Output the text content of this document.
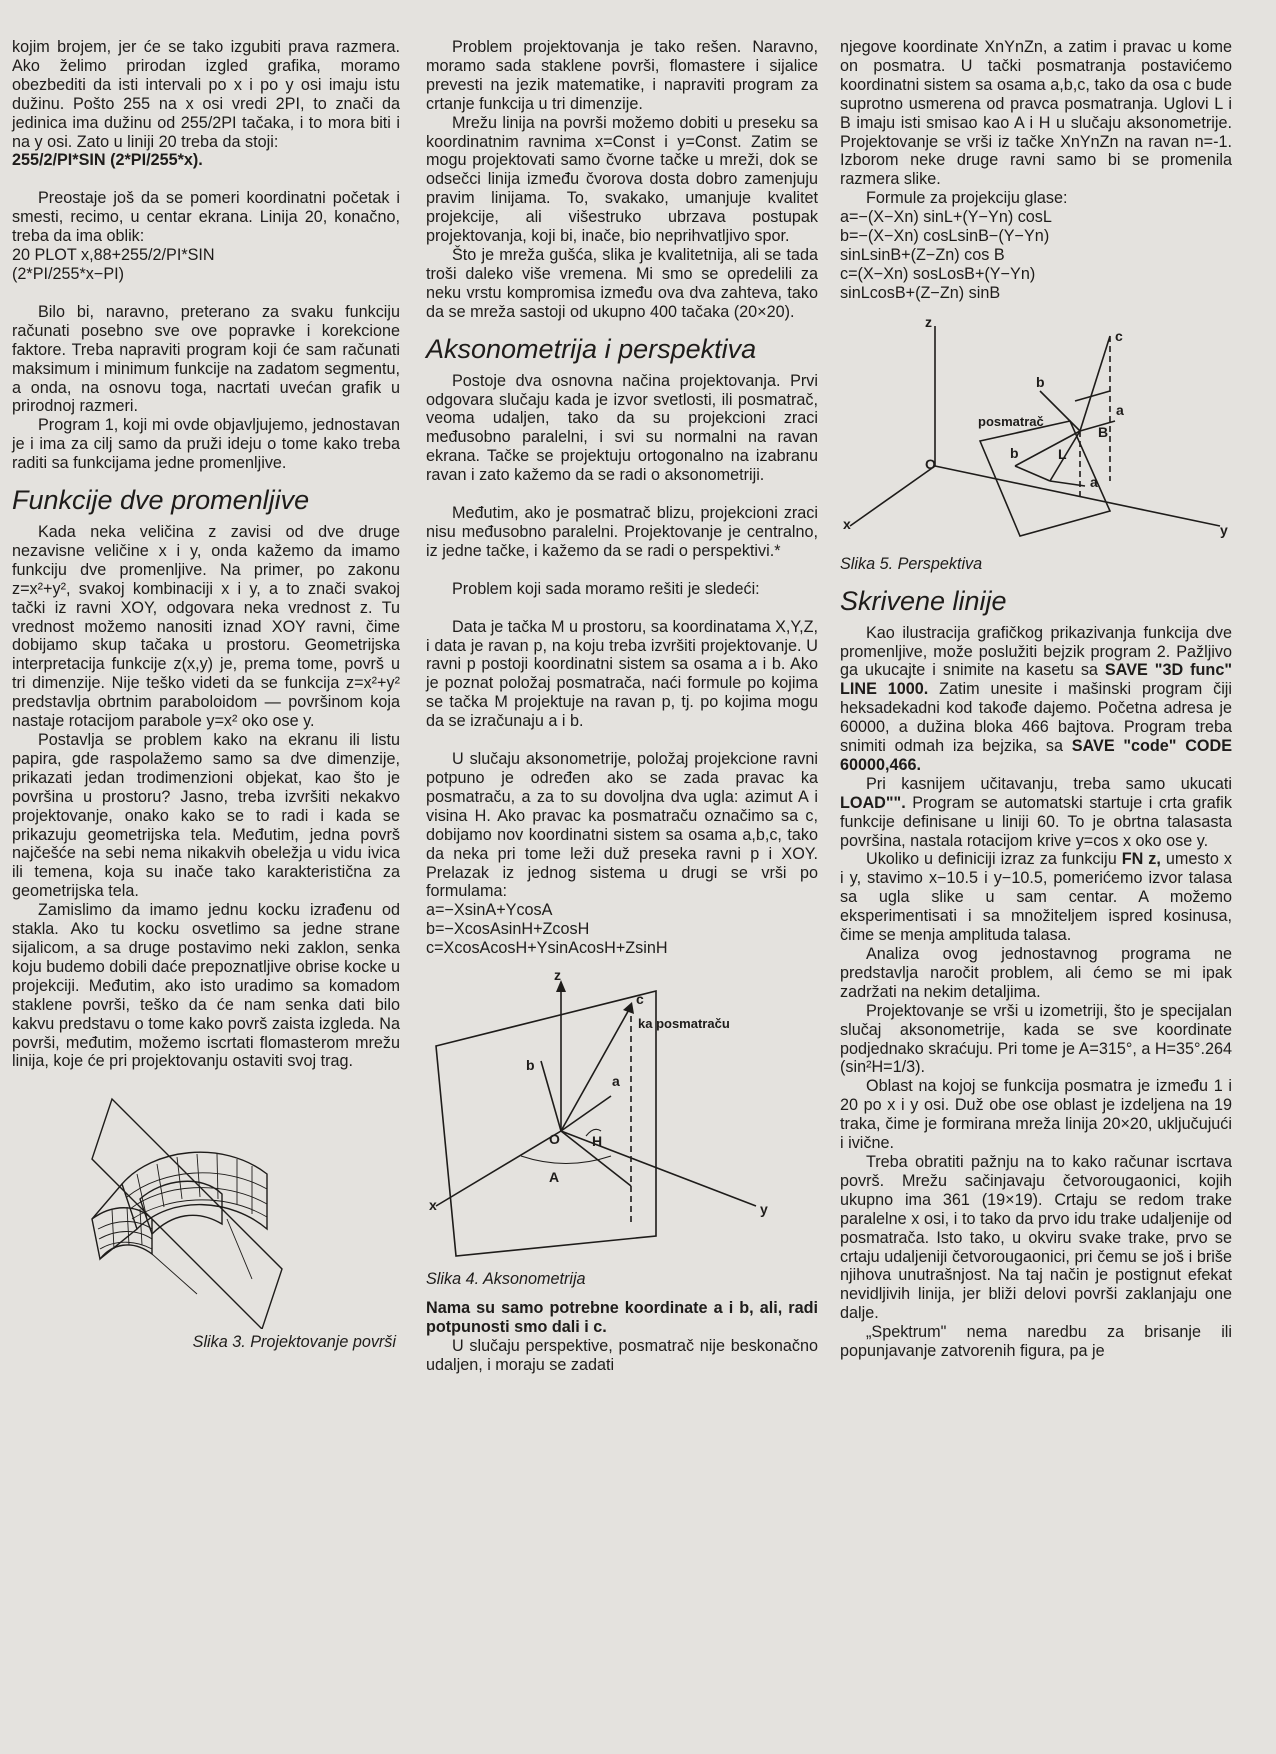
kojim brojem, jer će se tako izgubiti prava razmera. Ako želimo prirodan izgled grafika, moramo obezbediti da isti intervali po x i po y osi imaju istu dužinu. Pošto 255 na x osi vredi 2PI, to znači da jedinica ima dužinu od 255/2PI tačaka, i to mora biti i na y osi. Zato u liniji 20 treba da stoji:

255/2/PI*SIN (2*PI/255*x).

Preostaje još da se pomeri koordinatni početak i smesti, recimo, u centar ekrana. Linija 20, konačno, treba da ima oblik:

20 PLOT x,88+255/2/PI*SIN
(2*PI/255*x−PI)

Bilo bi, naravno, preterano za svaku funkciju računati posebno sve ove popravke i korekcione faktore. Treba napraviti program koji će sam računati maksimum i minimum funkcije na zadatom segmentu, a onda, na osnovu toga, nacrtati uvećan grafik u prirodnoj razmeri.

Program 1, koji mi ovde objavljujemo, jednostavan je i ima za cilj samo da pruži ideju o tome kako treba raditi sa funkcijama jedne promenljive.

Funkcije dve promenljive

Kada neka veličina z zavisi od dve druge nezavisne veličine x i y, onda kažemo da imamo funkciju dve promenljive. Na primer, po zakonu z=x²+y², svakoj kombinaciji x i y, a to znači svakoj tački iz ravni XOY, odgovara neka vrednost z. Tu vrednost možemo nanositi iznad XOY ravni, čime dobijamo skup tačaka u prostoru. Geometrijska interpretacija funkcije z(x,y) je, prema tome, površ u tri dimenzije. Nije teško videti da se funkcija z=x²+y² predstavlja obrtnim paraboloidom — površinom koja nastaje rotacijom parabole y=x² oko ose y.

Postavlja se problem kako na ekranu ili listu papira, gde raspolažemo samo sa dve dimenzije, prikazati jedan trodimenzioni objekat, kao što je površina u prostoru? Jasno, treba izvršiti nekakvo projektovanje, onako kako se to radi i kada se prikazuju geometrijska tela. Međutim, jedna površ najčešće na sebi nema nikakvih obeležja u vidu ivica ili temena, koja su inače tako karakteristična za geometrijska tela.

Zamislimo da imamo jednu kocku izrađenu od stakla. Ako tu kocku osvetlimo sa jedne strane sijalicom, a sa druge postavimo neki zaklon, senka koju budemo dobili daće prepoznatljive obrise kocke u projekciji. Međutim, ako isto uradimo sa komadom staklene površi, teško da će nam senka dati bilo kakvu predstavu o tome kako površ zaista izgleda. Na površi, međutim, možemo iscrtati flomasterom mrežu linija, koje će pri projektovanju ostaviti svoj trag.

Slika 3. Projektovanje površi

Problem projektovanja je tako rešen. Naravno, moramo sada staklene površi, flomastere i sijalice prevesti na jezik matematike, i napraviti program za crtanje funkcija u tri dimenzije.

Mrežu linija na površi možemo dobiti u preseku sa koordinatnim ravnima x=Const i y=Const. Zatim se mogu projektovati samo čvorne tačke u mreži, dok se odsečci linija između čvorova dosta dobro zamenjuju pravim linijama. To, svakako, umanjuje kvalitet projekcije, ali višestruko ubrzava postupak projektovanja, koji bi, inače, bio neprihvatljivo spor.

Što je mreža gušća, slika je kvalitetnija, ali se tada troši daleko više vremena. Mi smo se opredelili za neku vrstu kompromisa između ova dva zahteva, tako da se mreža sastoji od ukupno 400 tačaka (20×20).

Aksonometrija i perspektiva

Postoje dva osnovna načina projektovanja. Prvi odgovara slučaju kada je izvor svetlosti, ili posmatrač, veoma udaljen, tako da su projekcioni zraci međusobno paralelni, i svi su normalni na ravan ekrana. Tačke se projektuju ortogonalno na izabranu ravan i zato kažemo da se radi o aksonometriji.

Međutim, ako je posmatrač blizu, projekcioni zraci nisu međusobno paralelni. Projektovanje je centralno, iz jedne tačke, i kažemo da se radi o perspektivi.*

Problem koji sada moramo rešiti je sledeći:

Data je tačka M u prostoru, sa koordinatama X,Y,Z, i data je ravan p, na koju treba izvršiti projektovanje. U ravni p postoji koordinatni sistem sa osama a i b. Ako je poznat položaj posmatrača, naći formule po kojima se tačka M projektuje na ravan p, tj. po kojima mogu da se izračunaju a i b.

U slučaju aksonometrije, položaj projekcione ravni potpuno je određen ako se zada pravac ka posmatraču, a za to su dovoljna dva ugla: azimut A i visina H. Ako pravac ka posmatraču označimo sa c, dobijamo nov koordinatni sistem sa osama a,b,c, tako da neka pri tome leži duž preseka ravni p i XOY. Prelazak iz jednog sistema u drugi se vrši po formulama:

a=−XsinA+YcosA
b=−XcosAsinH+ZcosH
c=XcosAcosH+YsinAcosH+ZsinH

z
c
b
a
O H
A
x	y
ka posmatraču

Slika 4. Aksonometrija

Nama su samo potrebne koordinate a i b, ali, radi potpunosti smo dali i c.

U slučaju perspektive, posmatrač nije beskonačno udaljen, i moraju se zadati

njegove koordinate XnYnZn, a zatim i pravac u kome on posmatra. U tački posmatranja postavićemo koordinatni sistem sa osama a,b,c, tako da osa c bude suprotno usmerena od pravca posmatranja. Uglovi L i B imaju isti smisao kao A i H u slučaju aksonometrije. Projektovanje se vrši iz tačke XnYnZn na ravan n=-1. Izborom neke druge ravni samo bi se promenila razmera slike.

Formule za projekciju glase:

a=−(X−Xn) sinL+(Y−Yn) cosL
b=−(X−Xn) cosLsinB−(Y−Yn)
sinLsinB+(Z−Zn) cos B
c=(X−Xn) sosLosB+(Y−Yn)
sinLcosB+(Z−Zn) sinB

z
c
b
a
O
x	y
b	L
a
B
posmatrač

Slika 5. Perspektiva

Skrivene linije

Kao ilustracija grafičkog prikazivanja funkcija dve promenljive, može poslužiti bejzik program 2. Pažljivo ga ukucajte i snimite na kasetu sa SAVE "3D func" LINE 1000. Zatim unesite i mašinski program čiji heksadekadni kod takođe dajemo. Početna adresa je 60000, a dužina bloka 466 bajtova. Program treba snimiti odmah iza bejzika, sa SAVE "code" CODE 60000,466.

Pri kasnijem učitavanju, treba samo ukucati LOAD"". Program se automatski startuje i crta grafik funkcije definisane u liniji 60. To je obrtna talasasta površina, nastala rotacijom krive y=cos x oko ose y.

Ukoliko u definiciji izraz za funkciju FN z, umesto x i y, stavimo x−10.5 i y−10.5, pomerićemo izvor talasa sa ugla slike u sam centar. A možemo eksperimentisati i sa množiteljem ispred kosinusa, čime se menja amplituda talasa.

Analiza ovog jednostavnog programa ne predstavlja naročit problem, ali ćemo se mi ipak zadržati na nekim detaljima.

Projektovanje se vrši u izometriji, što je specijalan slučaj aksonometrije, kada se sve koordinate podjednako skraćuju. Pri tome je A=315°, a H=35°.264 (sin²H=1/3).

Oblast na kojoj se funkcija posmatra je između 1 i 20 po x i y osi. Duž obe ose oblast je izdeljena na 19 traka, čime je formirana mreža linija 20×20, uključujući i ivične.

Treba obratiti pažnju na to kako računar iscrtava površ. Mrežu sačinjavaju četvorougaonici, kojih ukupno ima 361 (19×19). Crtaju se redom trake paralelne x osi, i to tako da prvo idu trake udaljenije od posmatrača. Isto tako, u okviru svake trake, prvo se crtaju udaljeniji četvorougaonici, pri čemu se još i briše njihova unutrašnjost. Na taj način je postignut efekat nevidljivih linija, jer bliži delovi površi zaklanjaju one dalje.

„Spektrum" nema naredbu za brisanje ili popunjavanje zatvorenih figura, pa je
